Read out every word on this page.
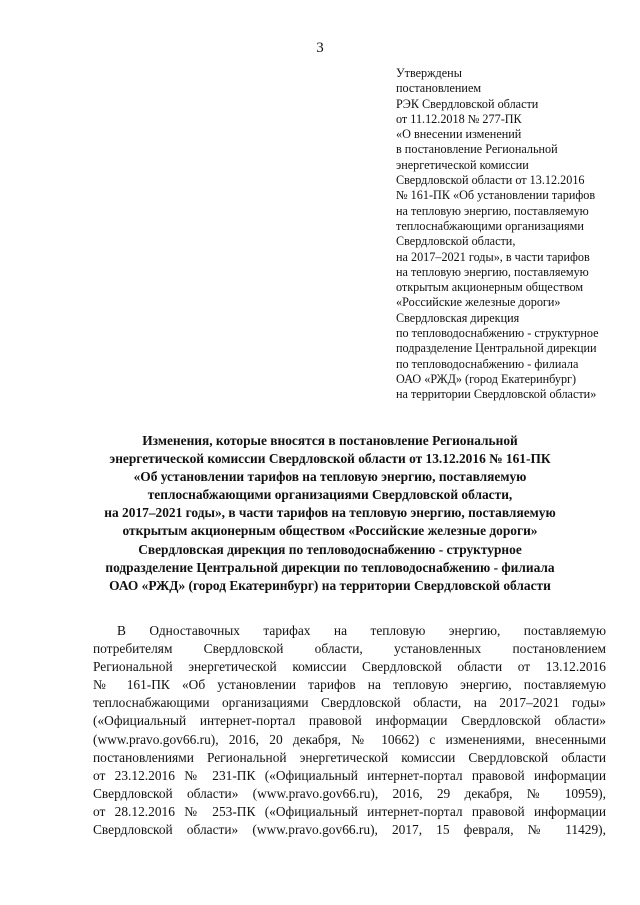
3
Утверждены
постановлением
РЭК Свердловской области
от 11.12.2018 № 277-ПК
«О внесении изменений
в постановление Региональной
энергетической комиссии
Свердловской области от 13.12.2016
№ 161-ПК «Об установлении тарифов
на тепловую энергию, поставляемую
теплоснабжающими организациями
Свердловской области,
на 2017–2021 годы», в части тарифов
на тепловую энергию, поставляемую
открытым акционерным обществом
«Российские железные дороги»
Свердловская дирекция
по тепловодоснабжению - структурное
подразделение Центральной дирекции
по тепловодоснабжению - филиала
ОАО «РЖД» (город Екатеринбург)
на территории Свердловской области»
Изменения, которые вносятся в постановление Региональной
энергетической комиссии Свердловской области от 13.12.2016 № 161-ПК
«Об установлении тарифов на тепловую энергию, поставляемую
теплоснабжающими организациями Свердловской области,
на 2017–2021 годы», в части тарифов на тепловую энергию, поставляемую
открытым акционерным обществом «Российские железные дороги»
Свердловская дирекция по тепловодоснабжению - структурное
подразделение Центральной дирекции по тепловодоснабжению - филиала
ОАО «РЖД» (город Екатеринбург) на территории Свердловской области
В Одноставочных тарифах на тепловую энергию, поставляемую
потребителям Свердловской области, установленных постановлением
Региональной энергетической комиссии Свердловской области от 13.12.2016
№ 161-ПК «Об установлении тарифов на тепловую энергию, поставляемую
теплоснабжающими организациями Свердловской области, на 2017–2021 годы»
(«Официальный интернет-портал правовой информации Свердловской области»
(www.pravo.gov66.ru), 2016, 20 декабря, № 10662) с изменениями, внесенными
постановлениями Региональной энергетической комиссии Свердловской области
от 23.12.2016 № 231-ПК («Официальный интернет-портал правовой информации
Свердловской области» (www.pravo.gov66.ru), 2016, 29 декабря, № 10959),
от 28.12.2016 № 253-ПК («Официальный интернет-портал правовой информации
Свердловской области» (www.pravo.gov66.ru), 2017, 15 февраля, № 11429),
